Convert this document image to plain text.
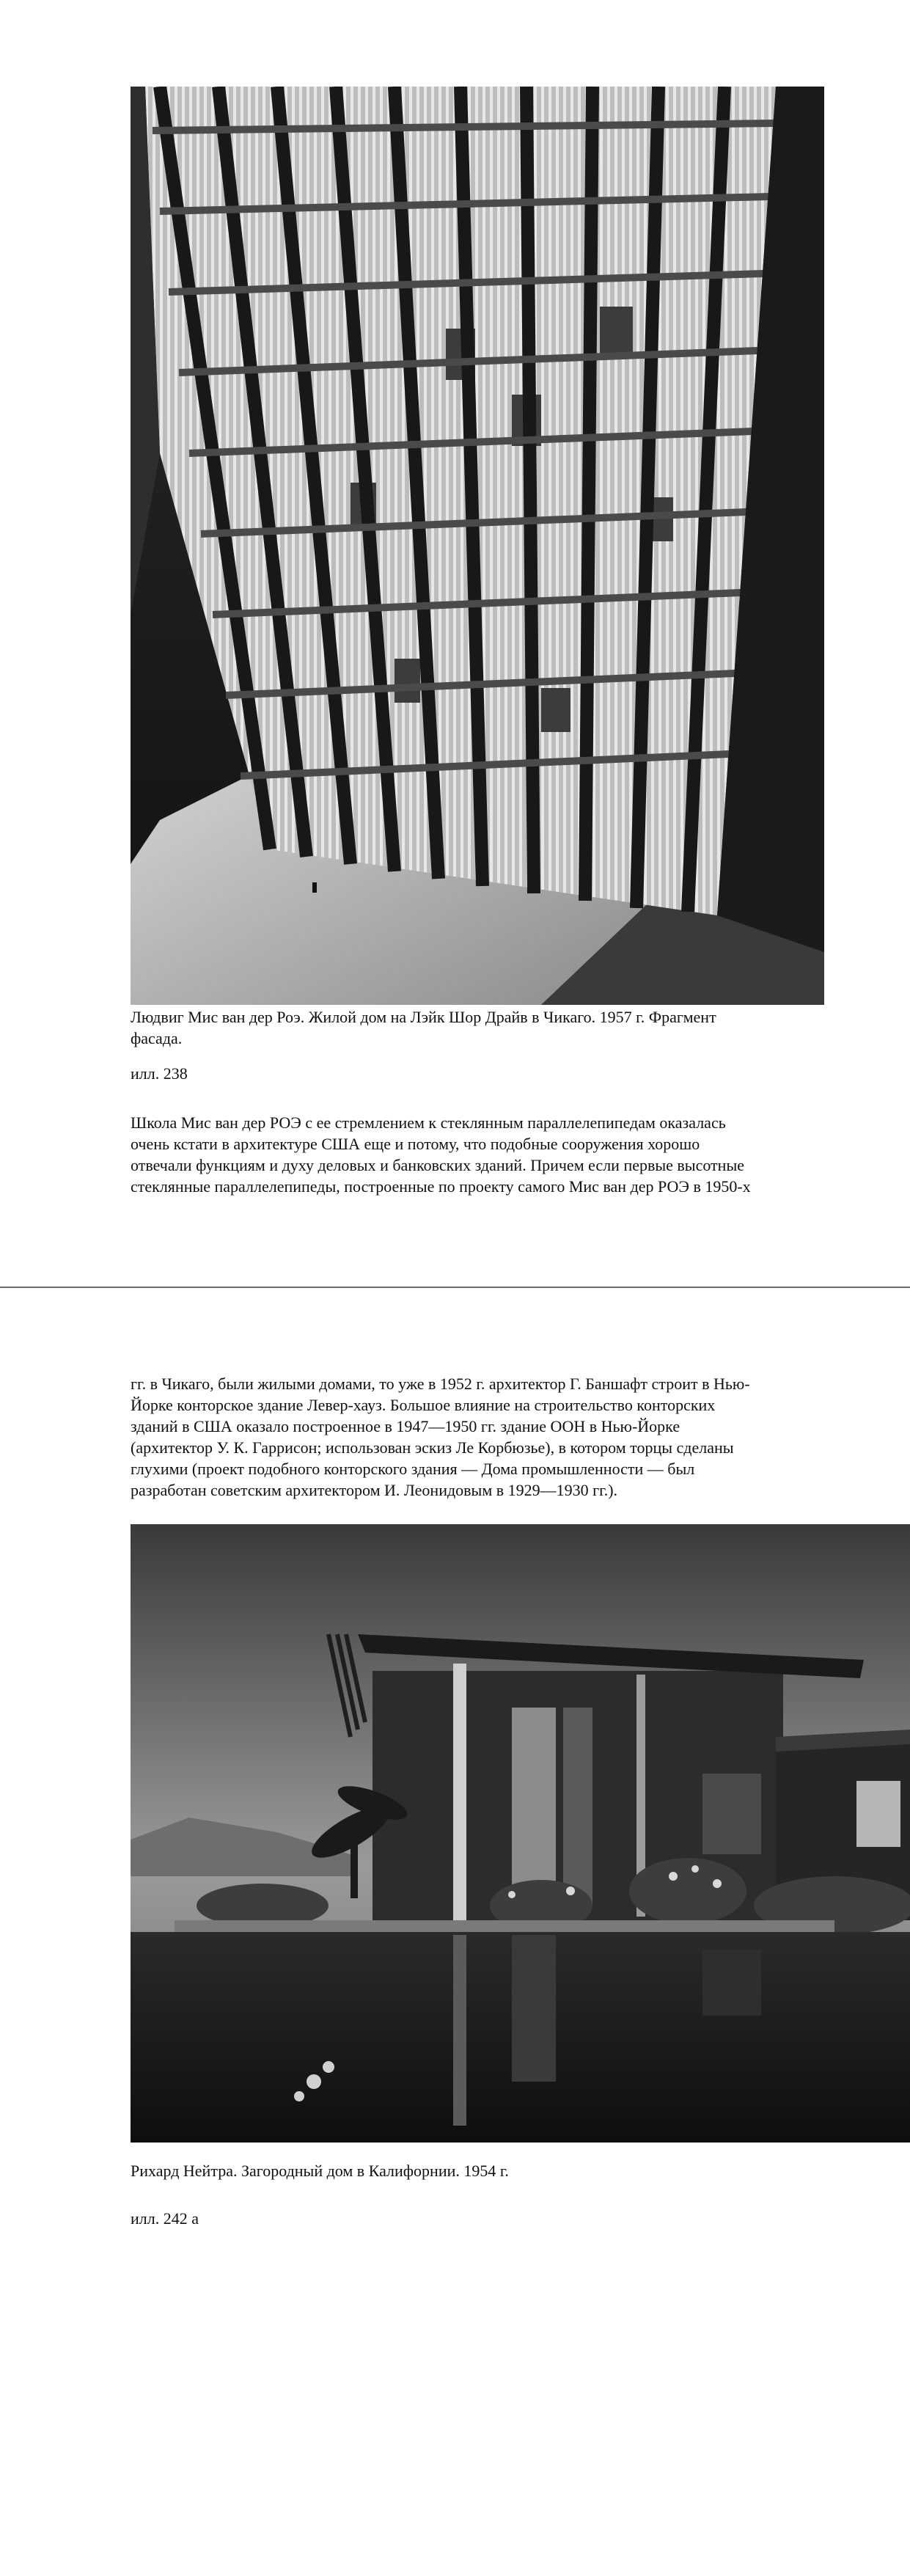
Людвиг Мис ван дер Роэ. Жилой дом на Лэйк Шор Драйв в Чикаго. 1957 г. Фрагмент
фасада.
илл. 238
Школа Мис ван дер РОЭ с ее стремлением к стеклянным параллелепипедам оказалась
очень кстати в архитектуре США еще и потому, что подобные сооружения хорошо
отвечали функциям и духу деловых и банковских зданий. Причем если первые высотные
стеклянные параллелепипеды, построенные по проекту самого Мис ван дер РОЭ в 1950-х
гг. в Чикаго, были жилыми домами, то уже в 1952 г. архитектор Г. Баншафт строит в Нью-
Йорке конторское здание Левер-хауз. Большое влияние на строительство конторских
зданий в США оказало построенное в 1947—1950 гг. здание ООН в Нью-Йорке
(архитектор У. К. Гаррисон; использован эскиз Ле Корбюзье), в котором торцы сделаны
глухими (проект подобного конторского здания — Дома промышленности — был
разработан советским архитектором И. Леонидовым в 1929—1930 гг.).
Рихард Нейтра. Загородный дом в Калифорнии. 1954 г.
илл. 242 а
